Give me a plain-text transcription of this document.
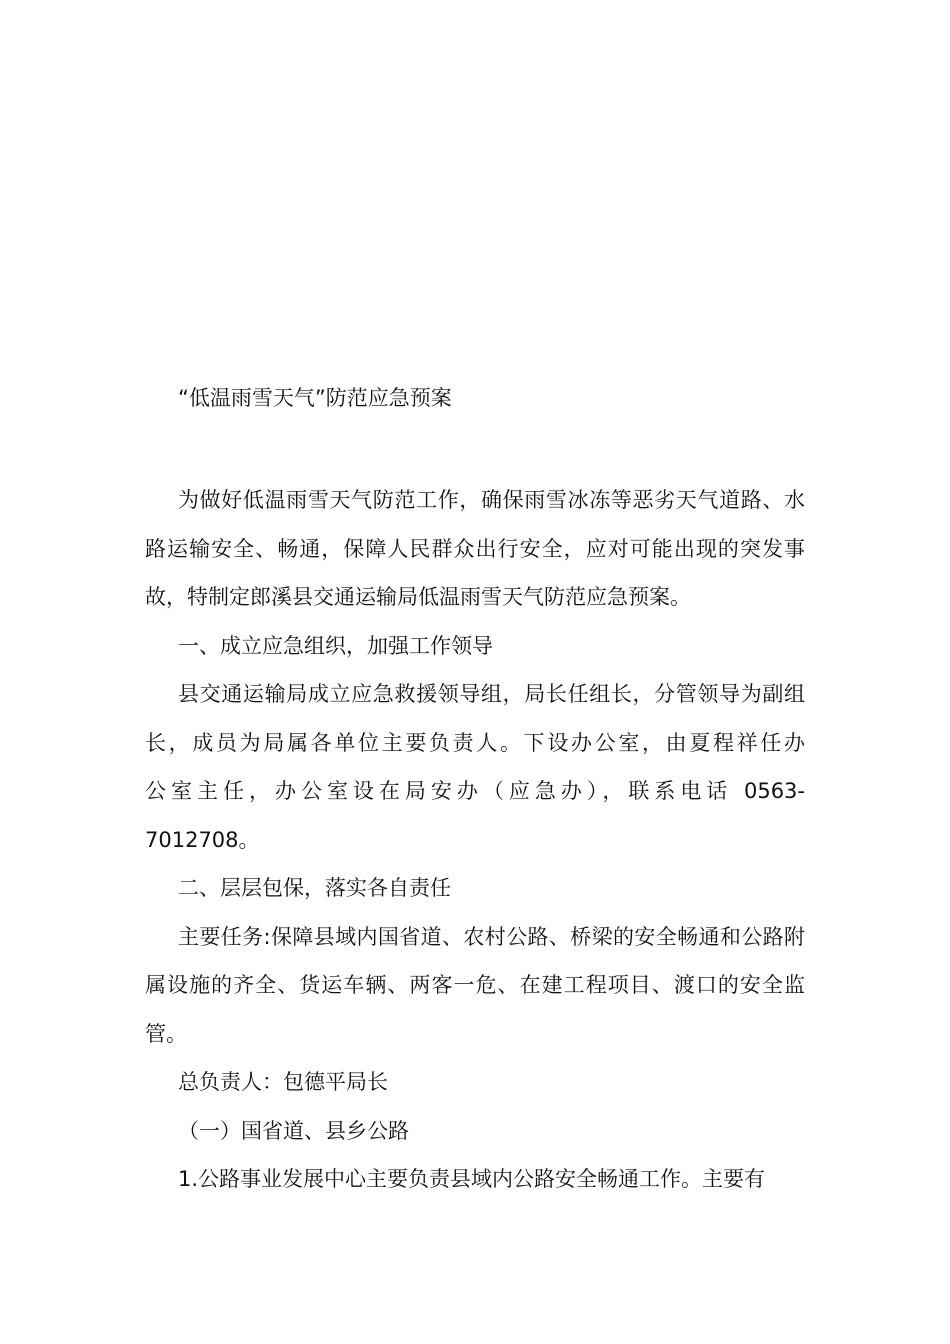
“低温雨雪天气”防范应急预案

为做好低温雨雪天气防范工作，确保雨雪冰冻等恶劣天气道路、水路运输安全、畅通，保障人民群众出行安全，应对可能出现的突发事故，特制定郎溪县交通运输局低温雨雪天气防范应急预案。

一、成立应急组织，加强工作领导

县交通运输局成立应急救援领导组，局长任组长，分管领导为副组长，成员为局属各单位主要负责人。下设办公室，由夏程祥任办

公室主任，办公室设在局安办（应急办），联系电话 0563-

7012708。

二、层层包保，落实各自责任

主要任务:保障县域内国省道、农村公路、桥梁的安全畅通和公路附属设施的齐全、货运车辆、两客一危、在建工程项目、渡口的安全监管。

总负责人：包德平局长

（一）国省道、县乡公路

1.公路事业发展中心主要负责县域内公路安全畅通工作。主要有
